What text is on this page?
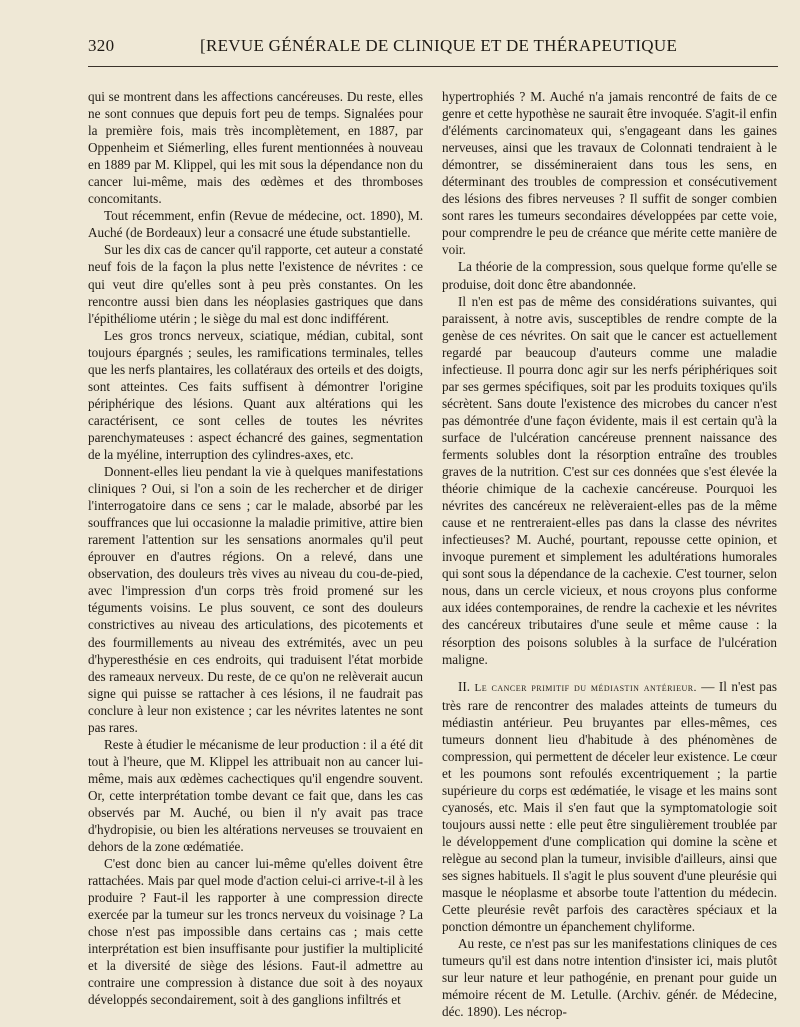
320	[REVUE GÉNÉRALE DE CLINIQUE ET DE THÉRAPEUTIQUE

qui se montrent dans les affections cancéreuses. Du reste, elles ne sont connues que depuis fort peu de temps. Signalées pour la première fois, mais très incomplètement, en 1887, par Oppenheim et Siémerling, elles furent mentionnées à nouveau en 1889 par M. Klippel, qui les mit sous la dépendance non du cancer lui-même, mais des œdèmes et des thromboses concomitants.

Tout récemment, enfin (Revue de médecine, oct. 1890), M. Auché (de Bordeaux) leur a consacré une étude substantielle.

Sur les dix cas de cancer qu'il rapporte, cet auteur a constaté neuf fois de la façon la plus nette l'existence de névrites : ce qui veut dire qu'elles sont à peu près constantes. On les rencontre aussi bien dans les néoplasies gastriques que dans l'épithéliome utérin ; le siège du mal est donc indifférent.

Les gros troncs nerveux, sciatique, médian, cubital, sont toujours épargnés ; seules, les ramifications terminales, telles que les nerfs plantaires, les collatéraux des orteils et des doigts, sont atteintes. Ces faits suffisent à démontrer l'origine périphérique des lésions. Quant aux altérations qui les caractérisent, ce sont celles de toutes les névrites parenchymateuses : aspect échancré des gaines, segmentation de la myéline, interruption des cylindres-axes, etc.

Donnent-elles lieu pendant la vie à quelques manifestations cliniques ? Oui, si l'on a soin de les rechercher et de diriger l'interrogatoire dans ce sens ; car le malade, absorbé par les souffrances que lui occasionne la maladie primitive, attire bien rarement l'attention sur les sensations anormales qu'il peut éprouver en d'autres régions. On a relevé, dans une observation, des douleurs très vives au niveau du cou-de-pied, avec l'impression d'un corps très froid promené sur les téguments voisins. Le plus souvent, ce sont des douleurs constrictives au niveau des articulations, des picotements et des fourmillements au niveau des extrémités, avec un peu d'hyperesthésie en ces endroits, qui traduisent l'état morbide des rameaux nerveux. Du reste, de ce qu'on ne relèverait aucun signe qui puisse se rattacher à ces lésions, il ne faudrait pas conclure à leur non existence ; car les névrites latentes ne sont pas rares.

Reste à étudier le mécanisme de leur production : il a été dit tout à l'heure, que M. Klippel les attribuait non au cancer lui-même, mais aux œdèmes cachectiques qu'il engendre souvent. Or, cette interprétation tombe devant ce fait que, dans les cas observés par M. Auché, ou bien il n'y avait pas trace d'hydropisie, ou bien les altérations nerveuses se trouvaient en dehors de la zone œdématiée.

C'est donc bien au cancer lui-même qu'elles doivent être rattachées. Mais par quel mode d'action celui-ci arrive-t-il à les produire ? Faut-il les rapporter à une compression directe exercée par la tumeur sur les troncs nerveux du voisinage ? La chose n'est pas impossible dans certains cas ; mais cette interprétation est bien insuffisante pour justifier la multiplicité et la diversité de siège des lésions. Faut-il admettre au contraire une compression à distance due soit à des noyaux développés secondairement, soit à des ganglions infiltrés et

hypertrophiés ? M. Auché n'a jamais rencontré de faits de ce genre et cette hypothèse ne saurait être invoquée. S'agit-il enfin d'éléments carcinomateux qui, s'engageant dans les gaines nerveuses, ainsi que les travaux de Colonnati tendraient à le démontrer, se dissémineraient dans tous les sens, en déterminant des troubles de compression et consécutivement des lésions des fibres nerveuses ? Il suffit de songer combien sont rares les tumeurs secondaires développées par cette voie, pour comprendre le peu de créance que mérite cette manière de voir.

La théorie de la compression, sous quelque forme qu'elle se produise, doit donc être abandonnée.

Il n'en est pas de même des considérations suivantes, qui paraissent, à notre avis, susceptibles de rendre compte de la genèse de ces névrites. On sait que le cancer est actuellement regardé par beaucoup d'auteurs comme une maladie infectieuse. Il pourra donc agir sur les nerfs périphériques soit par ses germes spécifiques, soit par les produits toxiques qu'ils sécrètent. Sans doute l'existence des microbes du cancer n'est pas démontrée d'une façon évidente, mais il est certain qu'à la surface de l'ulcération cancéreuse prennent naissance des ferments solubles dont la résorption entraîne des troubles graves de la nutrition. C'est sur ces données que s'est élevée la théorie chimique de la cachexie cancéreuse. Pourquoi les névrites des cancéreux ne relèveraient-elles pas de la même cause et ne rentreraient-elles pas dans la classe des névrites infectieuses? M. Auché, pourtant, repousse cette opinion, et invoque purement et simplement les adultérations humorales qui sont sous la dépendance de la cachexie. C'est tourner, selon nous, dans un cercle vicieux, et nous croyons plus conforme aux idées contemporaines, de rendre la cachexie et les névrites des cancéreux tributaires d'une seule et même cause : la résorption des poisons solubles à la surface de l'ulcération maligne.

II. Le cancer primitif du médiastin antérieur. — Il n'est pas très rare de rencontrer des malades atteints de tumeurs du médiastin antérieur. Peu bruyantes par elles-mêmes, ces tumeurs donnent lieu d'habitude à des phénomènes de compression, qui permettent de déceler leur existence. Le cœur et les poumons sont refoulés excentriquement ; la partie supérieure du corps est œdématiée, le visage et les mains sont cyanosés, etc. Mais il s'en faut que la symptomatologie soit toujours aussi nette : elle peut être singulièrement troublée par le développement d'une complication qui domine la scène et relègue au second plan la tumeur, invisible d'ailleurs, ainsi que ses signes habituels. Il s'agit le plus souvent d'une pleurésie qui masque le néoplasme et absorbe toute l'attention du médecin. Cette pleurésie revêt parfois des caractères spéciaux et la ponction démontre un épanchement chyliforme.

Au reste, ce n'est pas sur les manifestations cliniques de ces tumeurs qu'il est dans notre intention d'insister ici, mais plutôt sur leur nature et leur pathogénie, en prenant pour guide un mémoire récent de M. Letulle. (Archiv. génér. de Médecine, déc. 1890). Les nécrop-
